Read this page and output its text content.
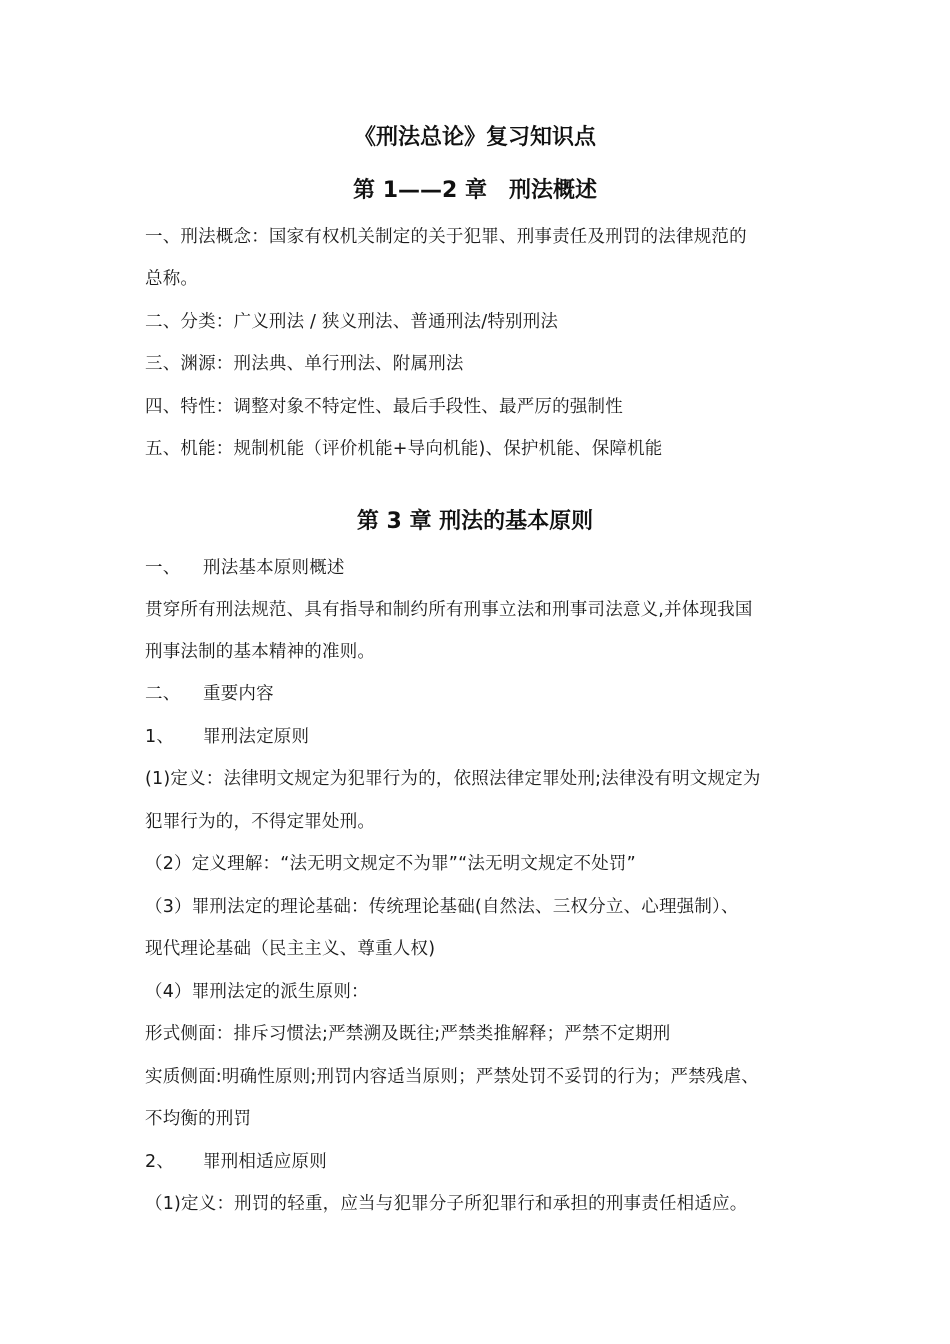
《刑法总论》复习知识点
第 1——2 章　刑法概述
一、刑法概念：国家有权机关制定的关于犯罪、刑事责任及刑罚的法律规范的
总称。
二、分类：广义刑法 / 狭义刑法、普通刑法/特别刑法
三、渊源：刑法典、单行刑法、附属刑法
四、特性：调整对象不特定性、最后手段性、最严厉的强制性
五、机能：规制机能（评价机能+导向机能)、保护机能、保障机能
第 3 章 刑法的基本原则
一、 刑法基本原则概述
贯穿所有刑法规范、具有指导和制约所有刑事立法和刑事司法意义,并体现我国
刑事法制的基本精神的准则。
二、 重要内容
1、 罪刑法定原则
(1)定义：法律明文规定为犯罪行为的，依照法律定罪处刑;法律没有明文规定为
犯罪行为的，不得定罪处刑。
（2）定义理解：“法无明文规定不为罪”“法无明文规定不处罚”
（3）罪刑法定的理论基础：传统理论基础(自然法、三权分立、心理强制）、
现代理论基础（民主主义、尊重人权)
（4）罪刑法定的派生原则：
形式侧面：排斥习惯法;严禁溯及既往;严禁类推解释；严禁不定期刑
实质侧面:明确性原则;刑罚内容适当原则；严禁处罚不妥罚的行为；严禁残虐、
不均衡的刑罚
2、 罪刑相适应原则
（1)定义：刑罚的轻重，应当与犯罪分子所犯罪行和承担的刑事责任相适应。
